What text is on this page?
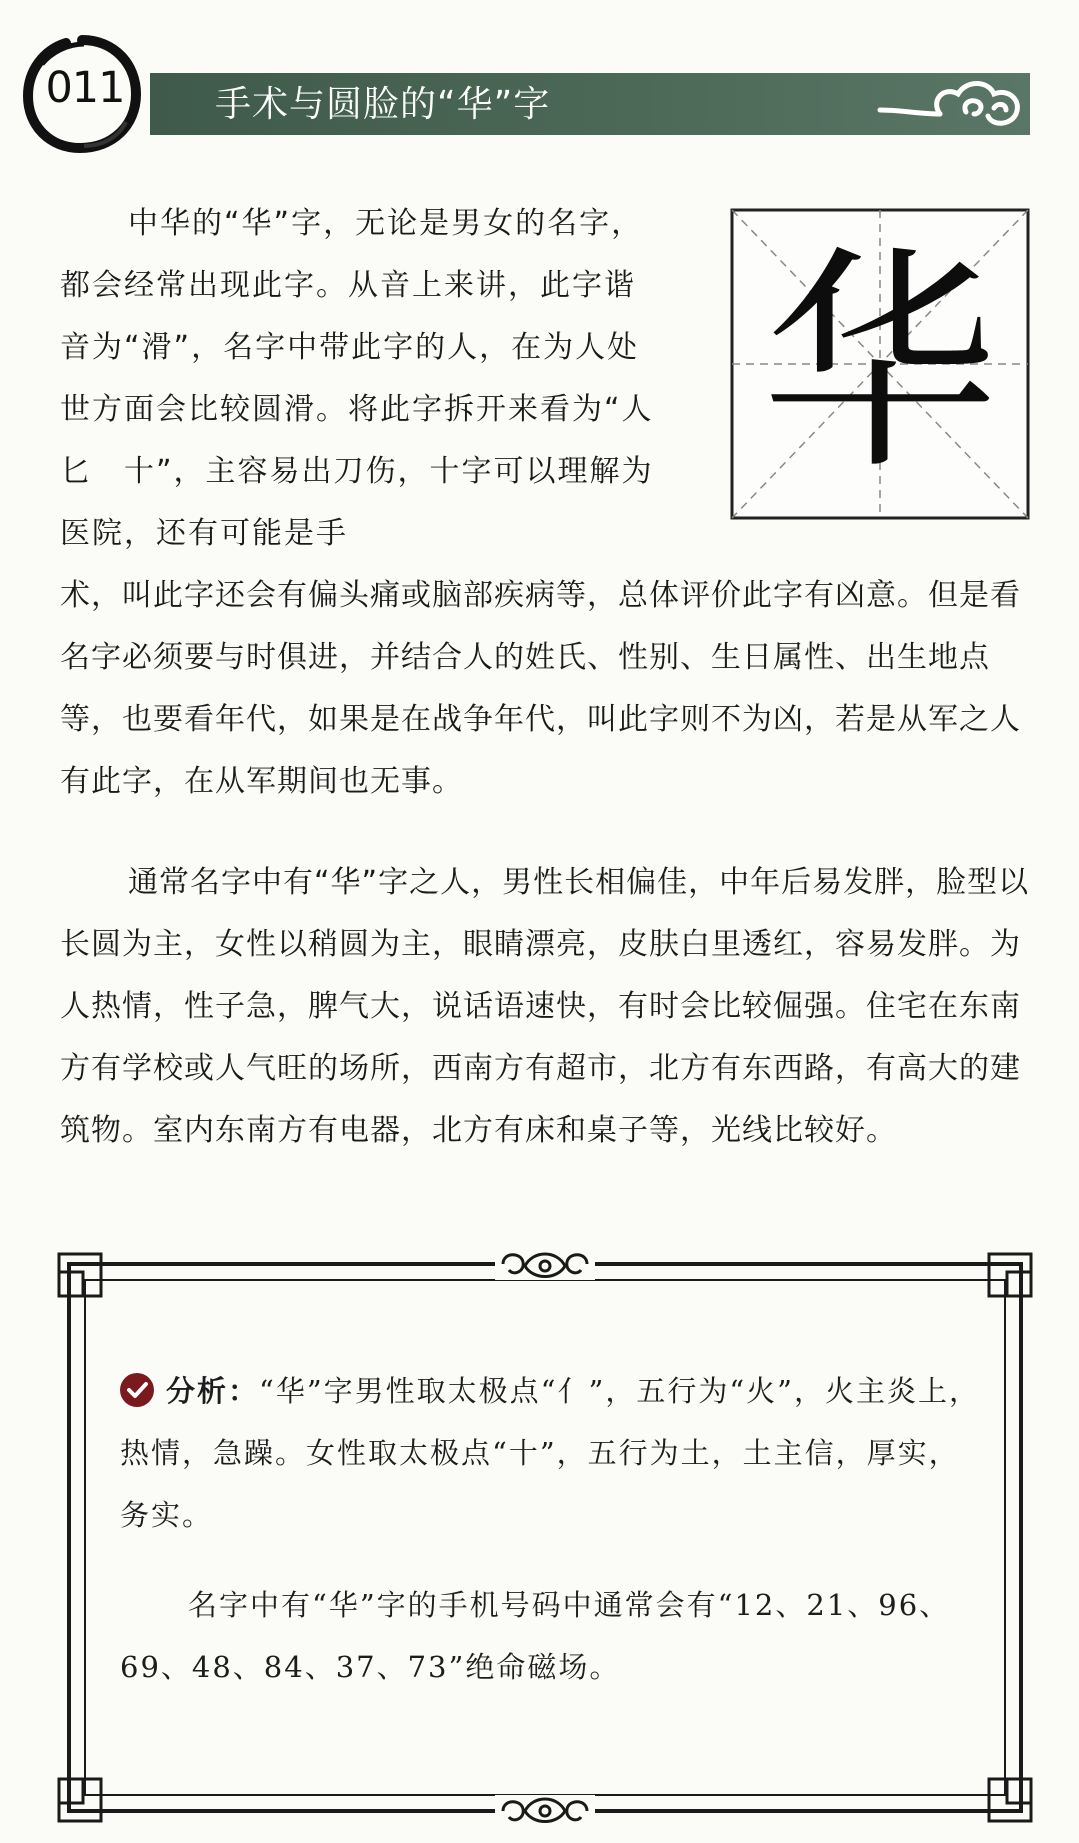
011	手术与圆脸的“华”字

中华的“华”字，无论是男女的名字，都会经常出现此字。从音上来讲，此字谐音为“滑”，名字中带此字的人，在为人处世方面会比较圆滑。将此字拆开来看为“人　匕　十”，主容易出刀伤，十字可以理解为医院，还有可能是手

华

术，叫此字还会有偏头痛或脑部疾病等，总体评价此字有凶意。但是看名字必须要与时俱进，并结合人的姓氏、性别、生日属性、出生地点等，也要看年代，如果是在战争年代，叫此字则不为凶，若是从军之人有此字，在从军期间也无事。

通常名字中有“华”字之人，男性长相偏佳，中年后易发胖，脸型以长圆为主，女性以稍圆为主，眼睛漂亮，皮肤白里透红，容易发胖。为人热情，性子急，脾气大，说话语速快，有时会比较倔强。住宅在东南方有学校或人气旺的场所，西南方有超市，北方有东西路，有高大的建筑物。室内东南方有电器，北方有床和桌子等，光线比较好。

分析：“华”字男性取太极点“亻”，五行为“火”，火主炎上，热情，急躁。女性取太极点“十”，五行为土，土主信，厚实，务实。

名字中有“华”字的手机号码中通常会有“12、21、96、69、48、84、37、73”绝命磁场。
